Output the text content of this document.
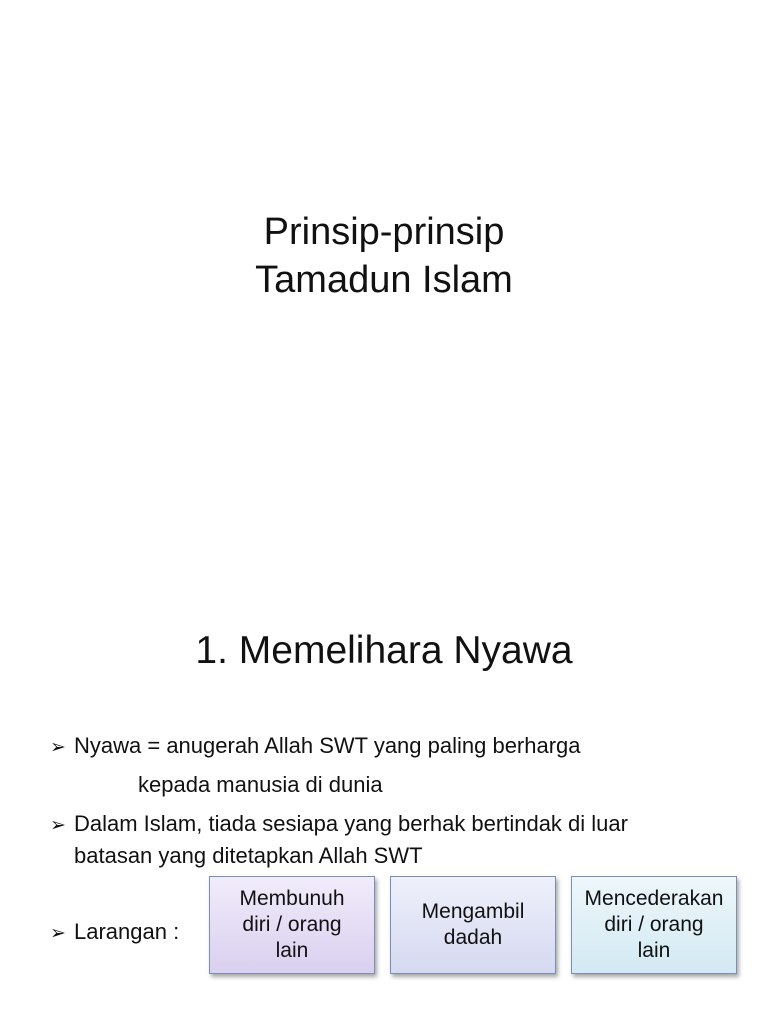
Prinsip-prinsip
Tamadun Islam
1. Memelihara Nyawa
➢ Nyawa = anugerah Allah SWT yang paling berharga
kepada manusia di dunia
➢ Dalam Islam, tiada sesiapa yang berhak bertindak di luar
batasan yang ditetapkan Allah SWT
➢ Larangan :
Membunuh
diri / orang
lain
Mengambil
dadah
Mencederakan
diri / orang
lain
